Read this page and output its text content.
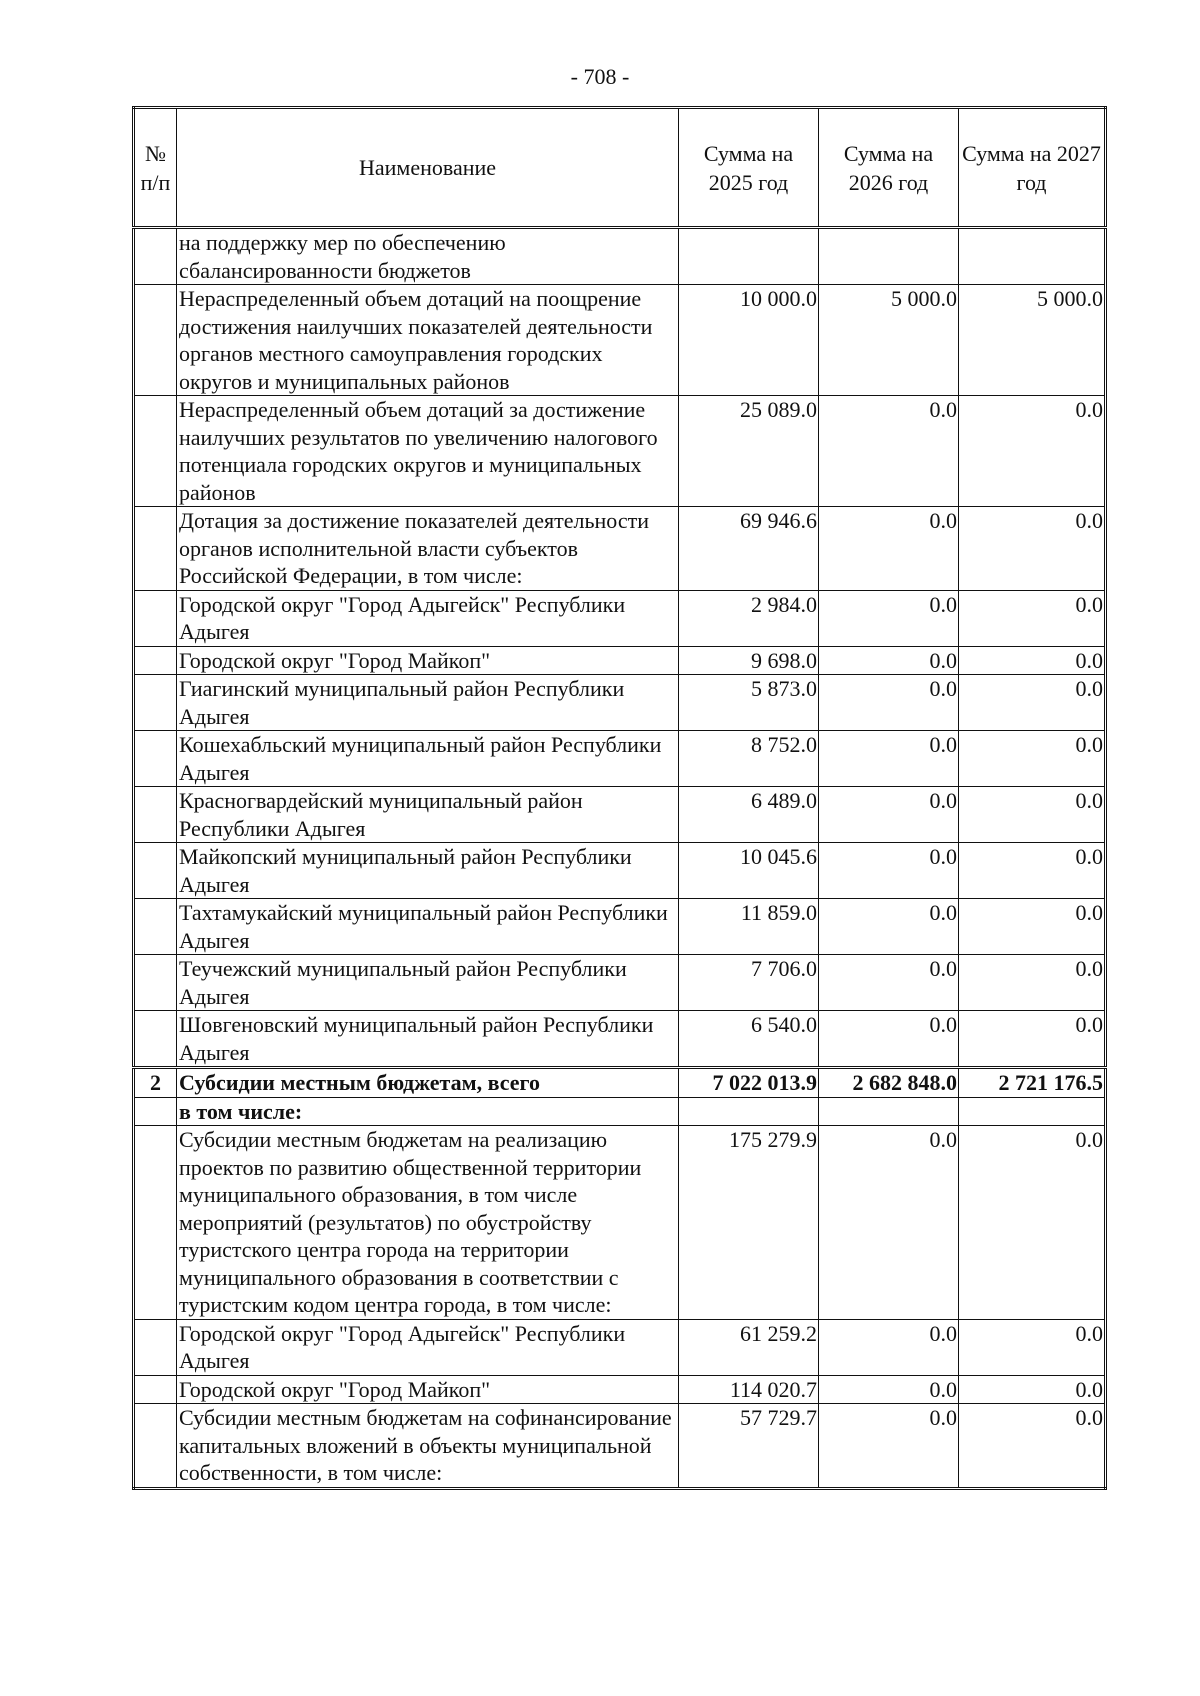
- 708 -
№ п/п	Наименование	Сумма на 2025 год	Сумма на 2026 год	Сумма на 2027 год
	на поддержку мер по обеспечению сбалансированности бюджетов			
	Нераспределенный объем дотаций на поощрение достижения наилучших показателей деятельности органов местного самоуправления городских округов и муниципальных районов	10 000.0	5 000.0	5 000.0
	Нераспределенный объем дотаций за достижение наилучших результатов по увеличению налогового потенциала городских округов и муниципальных районов	25 089.0	0.0	0.0
	Дотация за достижение показателей деятельности органов исполнительной власти субъектов Российской Федерации, в том числе:	69 946.6	0.0	0.0
	Городской округ "Город Адыгейск" Республики Адыгея	2 984.0	0.0	0.0
	Городской округ "Город Майкоп"	9 698.0	0.0	0.0
	Гиагинский муниципальный район Республики Адыгея	5 873.0	0.0	0.0
	Кошехабльский муниципальный район Республики Адыгея	8 752.0	0.0	0.0
	Красногвардейский муниципальный район Республики Адыгея	6 489.0	0.0	0.0
	Майкопский муниципальный район Республики Адыгея	10 045.6	0.0	0.0
	Тахтамукайский муниципальный район Республики Адыгея	11 859.0	0.0	0.0
	Теучежский муниципальный район Республики Адыгея	7 706.0	0.0	0.0
	Шовгеновский муниципальный район Республики Адыгея	6 540.0	0.0	0.0
2	Субсидии местным бюджетам, всего	7 022 013.9	2 682 848.0	2 721 176.5
	в том числе:			
	Субсидии местным бюджетам на реализацию проектов по развитию общественной территории муниципального образования, в том числе мероприятий (результатов) по обустройству туристского центра города на территории муниципального образования в соответствии с туристским кодом центра города, в том числе:	175 279.9	0.0	0.0
	Городской округ "Город Адыгейск" Республики Адыгея	61 259.2	0.0	0.0
	Городской округ "Город Майкоп"	114 020.7	0.0	0.0
	Субсидии местным бюджетам на софинансирование капитальных вложений в объекты муниципальной собственности, в том числе:	57 729.7	0.0	0.0
